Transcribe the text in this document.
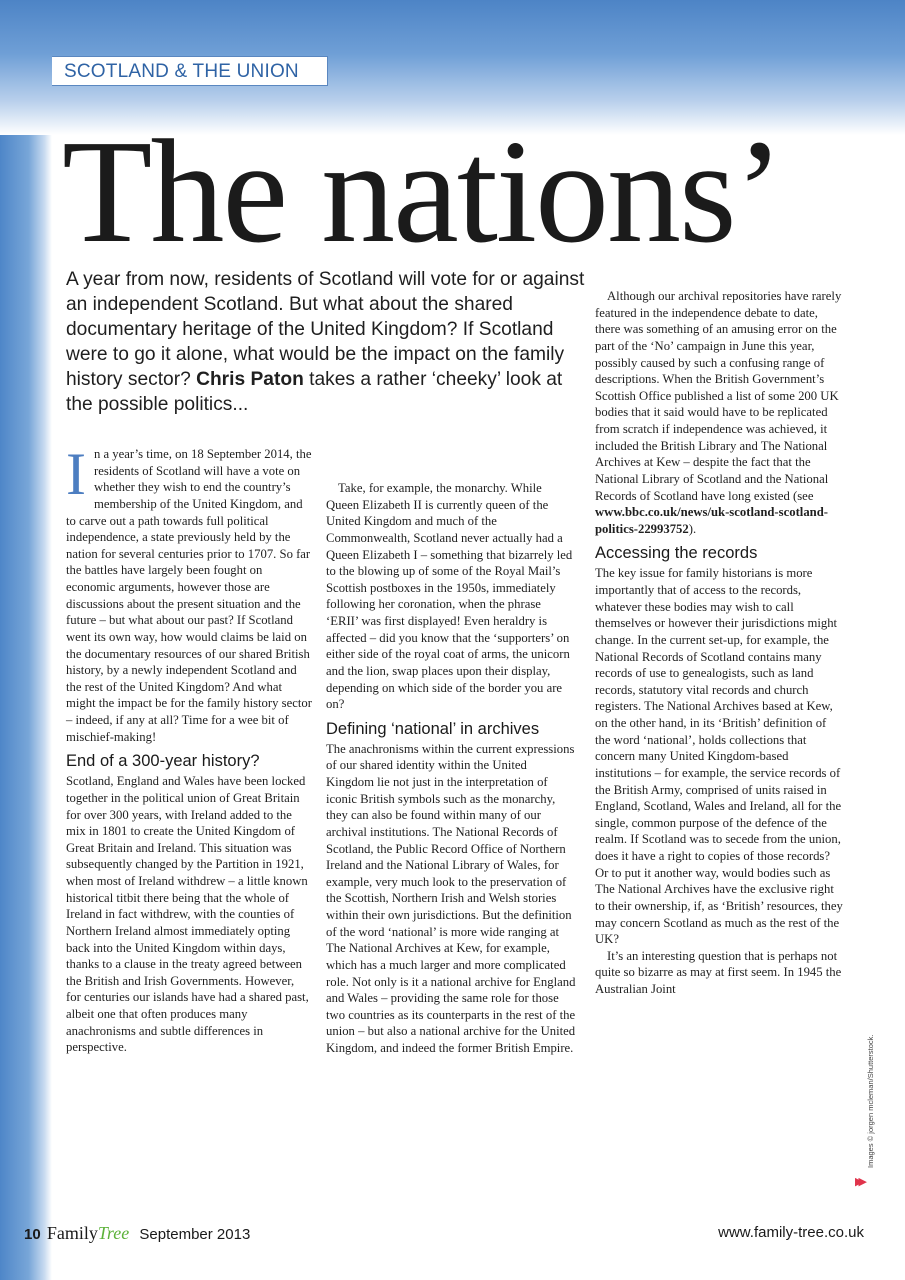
SCOTLAND & THE UNION
The nations’
A year from now, residents of Scotland will vote for or against an independent Scotland. But what about the shared documentary heritage of the United Kingdom? If Scotland were to go it alone, what would be the impact on the family history sector? Chris Paton takes a rather ‘cheeky’ look at the possible politics...

In a year’s time, on 18 September 2014, the residents of Scotland will have a vote on whether they wish to end the country’s membership of the United Kingdom, and to carve out a path towards full political independence, a state previously held by the nation for several centuries prior to 1707. So far the battles have largely been fought on economic arguments, however those are discussions about the present situation and the future – but what about our past? If Scotland went its own way, how would claims be laid on the documentary resources of our shared British history, by a newly independent Scotland and the rest of the United Kingdom? And what might the impact be for the family history sector – indeed, if any at all? Time for a wee bit of mischief-making!

End of a 300-year history?

Scotland, England and Wales have been locked together in the political union of Great Britain for over 300 years, with Ireland added to the mix in 1801 to create the United Kingdom of Great Britain and Ireland. This situation was subsequently changed by the Partition in 1921, when most of Ireland withdrew – a little known historical titbit there being that the whole of Ireland in fact withdrew, with the counties of Northern Ireland almost immediately opting back into the United Kingdom within days, thanks to a clause in the treaty agreed between the British and Irish Governments. However, for centuries our islands have had a shared past, albeit one that often produces many anachronisms and subtle differences in perspective.

Take, for example, the monarchy. While Queen Elizabeth II is currently queen of the United Kingdom and much of the Commonwealth, Scotland never actually had a Queen Elizabeth I – something that bizarrely led to the blowing up of some of the Royal Mail’s Scottish postboxes in the 1950s, immediately following her coronation, when the phrase ‘ERII’ was first displayed! Even heraldry is affected – did you know that the ‘supporters’ on either side of the royal coat of arms, the unicorn and the lion, swap places upon their display, depending on which side of the border you are on?

Defining ‘national’ in archives

The anachronisms within the current expressions of our shared identity within the United Kingdom lie not just in the interpretation of iconic British symbols such as the monarchy, they can also be found within many of our archival institutions. The National Records of Scotland, the Public Record Office of Northern Ireland and the National Library of Wales, for example, very much look to the preservation of the Scottish, Northern Irish and Welsh stories within their own jurisdictions. But the definition of the word ‘national’ is more wide ranging at The National Archives at Kew, for example, which has a much larger and more complicated role. Not only is it a national archive for England and Wales – providing the same role for those two countries as its counterparts in the rest of the union – but also a national archive for the United Kingdom, and indeed the former British Empire.

Although our archival repositories have rarely featured in the independence debate to date, there was something of an amusing error on the part of the ‘No’ campaign in June this year, possibly caused by such a confusing range of descriptions. When the British Government’s Scottish Office published a list of some 200 UK bodies that it said would have to be replicated from scratch if independence was achieved, it included the British Library and The National Archives at Kew – despite the fact that the National Library of Scotland and the National Records of Scotland have long existed (see www.bbc.co.uk/news/uk-scotland-scotland-politics-22993752).

Accessing the records

The key issue for family historians is more importantly that of access to the records, whatever these bodies may wish to call themselves or however their jurisdictions might change. In the current set-up, for example, the National Records of Scotland contains many records of use to genealogists, such as land records, statutory vital records and church registers. The National Archives based at Kew, on the other hand, in its ‘British’ definition of the word ‘national’, holds collections that concern many United Kingdom-based institutions – for example, the service records of the British Army, comprised of units raised in England, Scotland, Wales and Ireland, all for the single, common purpose of the defence of the realm. If Scotland was to secede from the union, does it have a right to copies of those records? Or to put it another way, would bodies such as The National Archives have the exclusive right to their ownership, if, as ‘British’ resources, they may concern Scotland as much as the rest of the UK?

It’s an interesting question that is perhaps not quite so bizarre as may at first seem. In 1945 the Australian Joint

Images © jorgen mcleman/Shutterstock.
▶▶
10 FamilyTree September 2013	www.family-tree.co.uk
